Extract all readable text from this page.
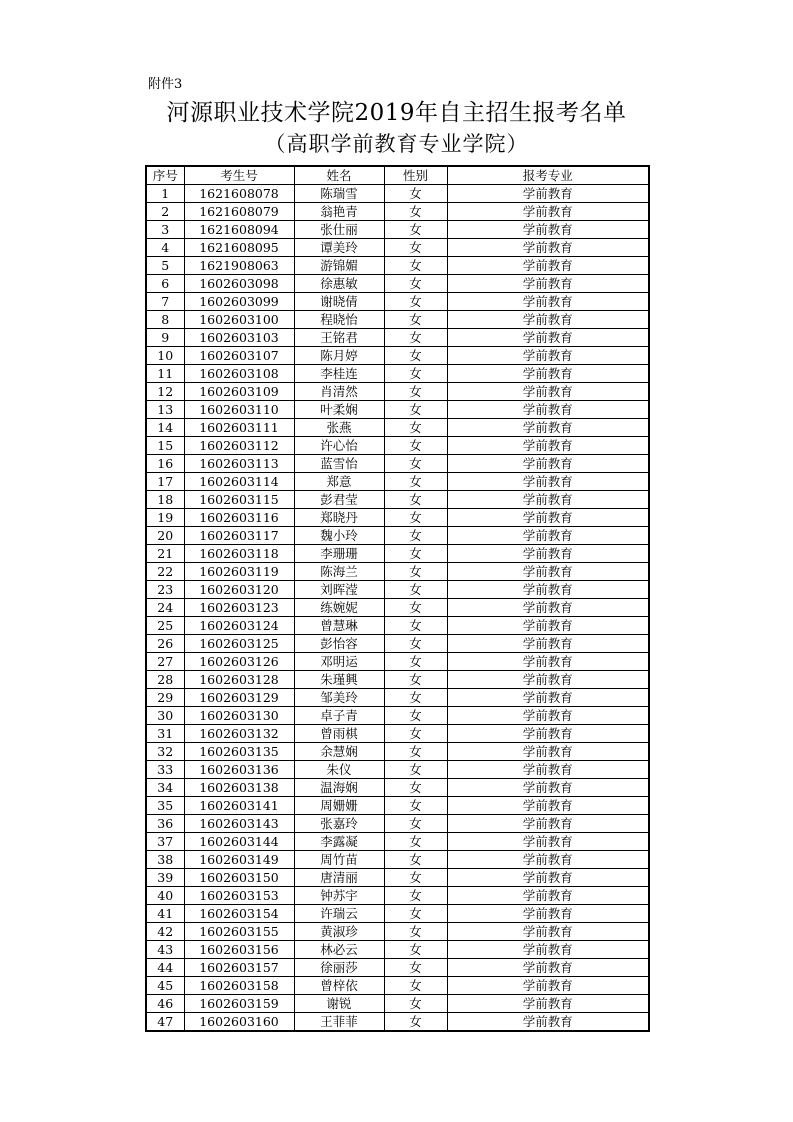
附件3
河源职业技术学院2019年自主招生报考名单
（高职学前教育专业学院）
序号	考生号	姓名	性别	报考专业
1	1621608078	陈瑞雪	女	学前教育
2	1621608079	翁艳青	女	学前教育
3	1621608094	张仕丽	女	学前教育
4	1621608095	谭美玲	女	学前教育
5	1621908063	游锦媚	女	学前教育
6	1602603098	徐惠敏	女	学前教育
7	1602603099	谢晓倩	女	学前教育
8	1602603100	程晓怡	女	学前教育
9	1602603103	王铭君	女	学前教育
10	1602603107	陈月婷	女	学前教育
11	1602603108	李桂连	女	学前教育
12	1602603109	肖清然	女	学前教育
13	1602603110	叶柔娴	女	学前教育
14	1602603111	张燕	女	学前教育
15	1602603112	许心怡	女	学前教育
16	1602603113	蓝雪怡	女	学前教育
17	1602603114	郑意	女	学前教育
18	1602603115	彭君莹	女	学前教育
19	1602603116	郑晓丹	女	学前教育
20	1602603117	魏小玲	女	学前教育
21	1602603118	李珊珊	女	学前教育
22	1602603119	陈海兰	女	学前教育
23	1602603120	刘晖滢	女	学前教育
24	1602603123	练婉妮	女	学前教育
25	1602603124	曾慧琳	女	学前教育
26	1602603125	彭怡容	女	学前教育
27	1602603126	邓明运	女	学前教育
28	1602603128	朱瑾興	女	学前教育
29	1602603129	邹美玲	女	学前教育
30	1602603130	卓子青	女	学前教育
31	1602603132	曾雨棋	女	学前教育
32	1602603135	余慧娴	女	学前教育
33	1602603136	朱仪	女	学前教育
34	1602603138	温海娴	女	学前教育
35	1602603141	周姗姗	女	学前教育
36	1602603143	张嘉玲	女	学前教育
37	1602603144	李露凝	女	学前教育
38	1602603149	周竹苗	女	学前教育
39	1602603150	唐清丽	女	学前教育
40	1602603153	钟苏宇	女	学前教育
41	1602603154	许瑞云	女	学前教育
42	1602603155	黄淑珍	女	学前教育
43	1602603156	林必云	女	学前教育
44	1602603157	徐丽莎	女	学前教育
45	1602603158	曾梓依	女	学前教育
46	1602603159	谢锐	女	学前教育
47	1602603160	王菲菲	女	学前教育
